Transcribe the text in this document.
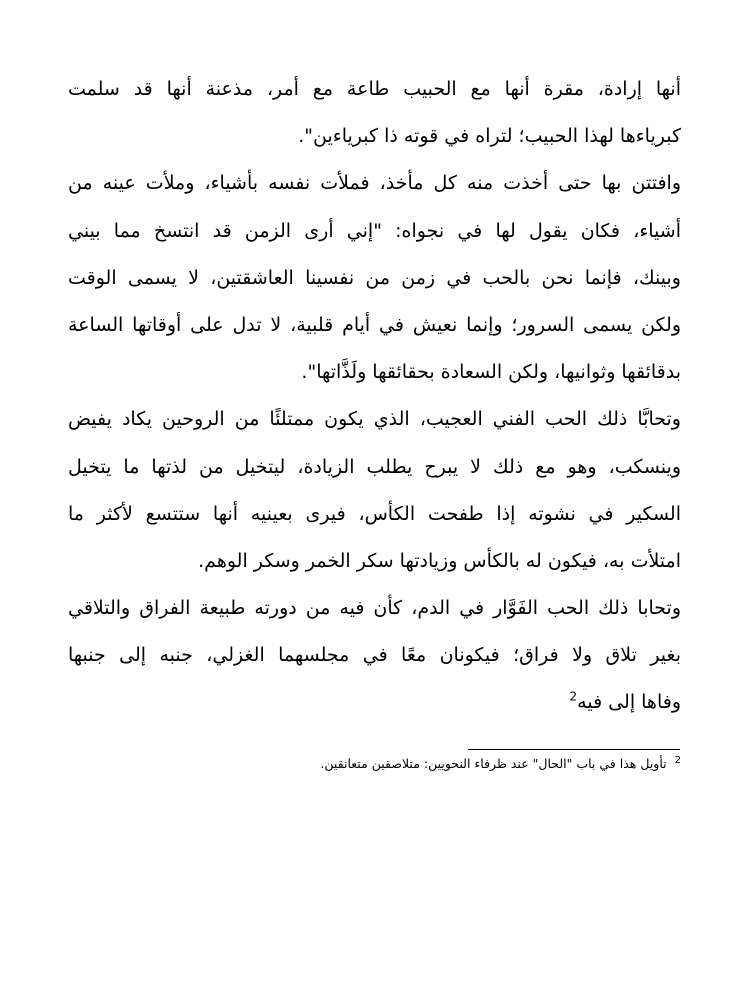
أنها إرادة، مقرة أنها مع الحبيب طاعة مع أمر، مذعنة أنها قد سلمت
كبرياءها لهذا الحبيب؛ لتراه في قوته ذا كبرياءين".
وافتتن بها حتى أخذت منه كل مأخذ، فملأت نفسه بأشياء، وملأت عينه من
أشياء، فكان يقول لها في نجواه: "إني أرى الزمن قد انتسخ مما بيني
وبينك، فإنما نحن بالحب في زمن من نفسينا العاشقتين، لا يسمى الوقت
ولكن يسمى السرور؛ وإنما نعيش في أيام قلبية، لا تدل على أوقاتها الساعة
بدقائقها وثوانيها، ولكن السعادة بحقائقها ولَذَّاتها".
وتحابَّا ذلك الحب الفني العجيب، الذي يكون ممتلئًا من الروحين يكاد يفيض
وينسكب، وهو مع ذلك لا يبرح يطلب الزيادة، ليتخيل من لذتها ما يتخيل
السكير في نشوته إذا طفحت الكأس، فيرى بعينيه أنها ستتسع لأكثر ما
امتلأت به، فيكون له بالكأس وزيادتها سكر الخمر وسكر الوهم.
وتحابا ذلك الحب الفَوَّار في الدم، كأن فيه من دورته طبيعة الفراق والتلاقي
بغير تلاق ولا فراق؛ فيكونان معًا في مجلسهما الغزلي، جنبه إلى جنبها
وفاها إلى فيه$^2$
$^2$تأويل هذا في باب "الحال" عند ظرفاء النحويين: متلاصقين متعانقين.
